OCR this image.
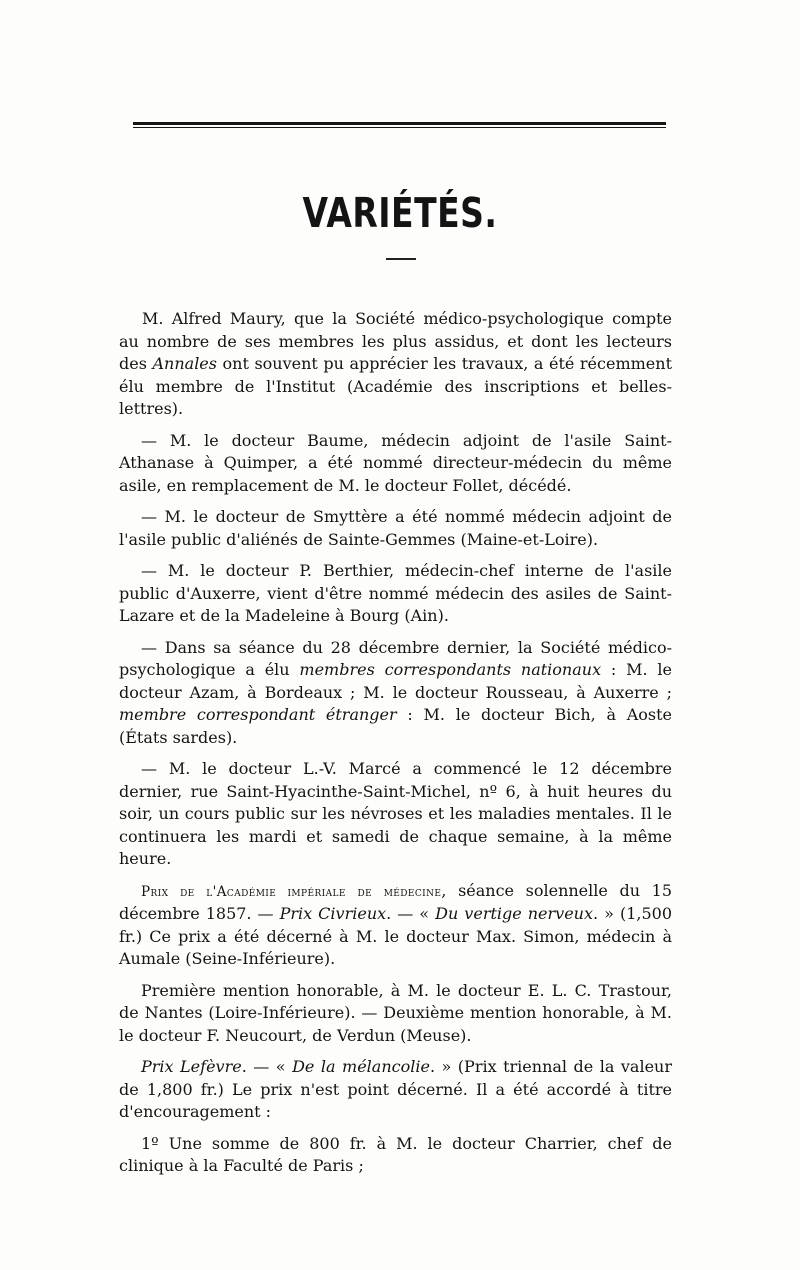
VARIÉTÉS.

M. Alfred Maury, que la Société médico-psychologique compte au nombre de ses membres les plus assidus, et dont les lecteurs des Annales ont souvent pu apprécier les travaux, a été récemment élu membre de l'Institut (Académie des inscriptions et belles-lettres).

— M. le docteur Baume, médecin adjoint de l'asile Saint-Athanase à Quimper, a été nommé directeur-médecin du même asile, en remplacement de M. le docteur Follet, décédé.

— M. le docteur de Smyttère a été nommé médecin adjoint de l'asile public d'aliénés de Sainte-Gemmes (Maine-et-Loire).

— M. le docteur P. Berthier, médecin-chef interne de l'asile public d'Auxerre, vient d'être nommé médecin des asiles de Saint-Lazare et de la Madeleine à Bourg (Ain).

— Dans sa séance du 28 décembre dernier, la Société médico-psychologique a élu membres correspondants nationaux : M. le docteur Azam, à Bordeaux ; M. le docteur Rousseau, à Auxerre ; membre correspondant étranger : M. le docteur Bich, à Aoste (États sardes).

— M. le docteur L.-V. Marcé a commencé le 12 décembre dernier, rue Saint-Hyacinthe-Saint-Michel, nº 6, à huit heures du soir, un cours public sur les névroses et les maladies mentales. Il le continuera les mardi et samedi de chaque semaine, à la même heure.

Prix de l'Académie impériale de médecine, séance solennelle du 15 décembre 1857. — Prix Civrieux. — « Du vertige nerveux. » (1,500 fr.) Ce prix a été décerné à M. le docteur Max. Simon, médecin à Aumale (Seine-Inférieure).

Première mention honorable, à M. le docteur E. L. C. Trastour, de Nantes (Loire-Inférieure). — Deuxième mention honorable, à M. le docteur F. Neucourt, de Verdun (Meuse).

Prix Lefèvre. — « De la mélancolie. » (Prix triennal de la valeur de 1,800 fr.) Le prix n'est point décerné. Il a été accordé à titre d'encouragement :

1º Une somme de 800 fr. à M. le docteur Charrier, chef de clinique à la Faculté de Paris ;
